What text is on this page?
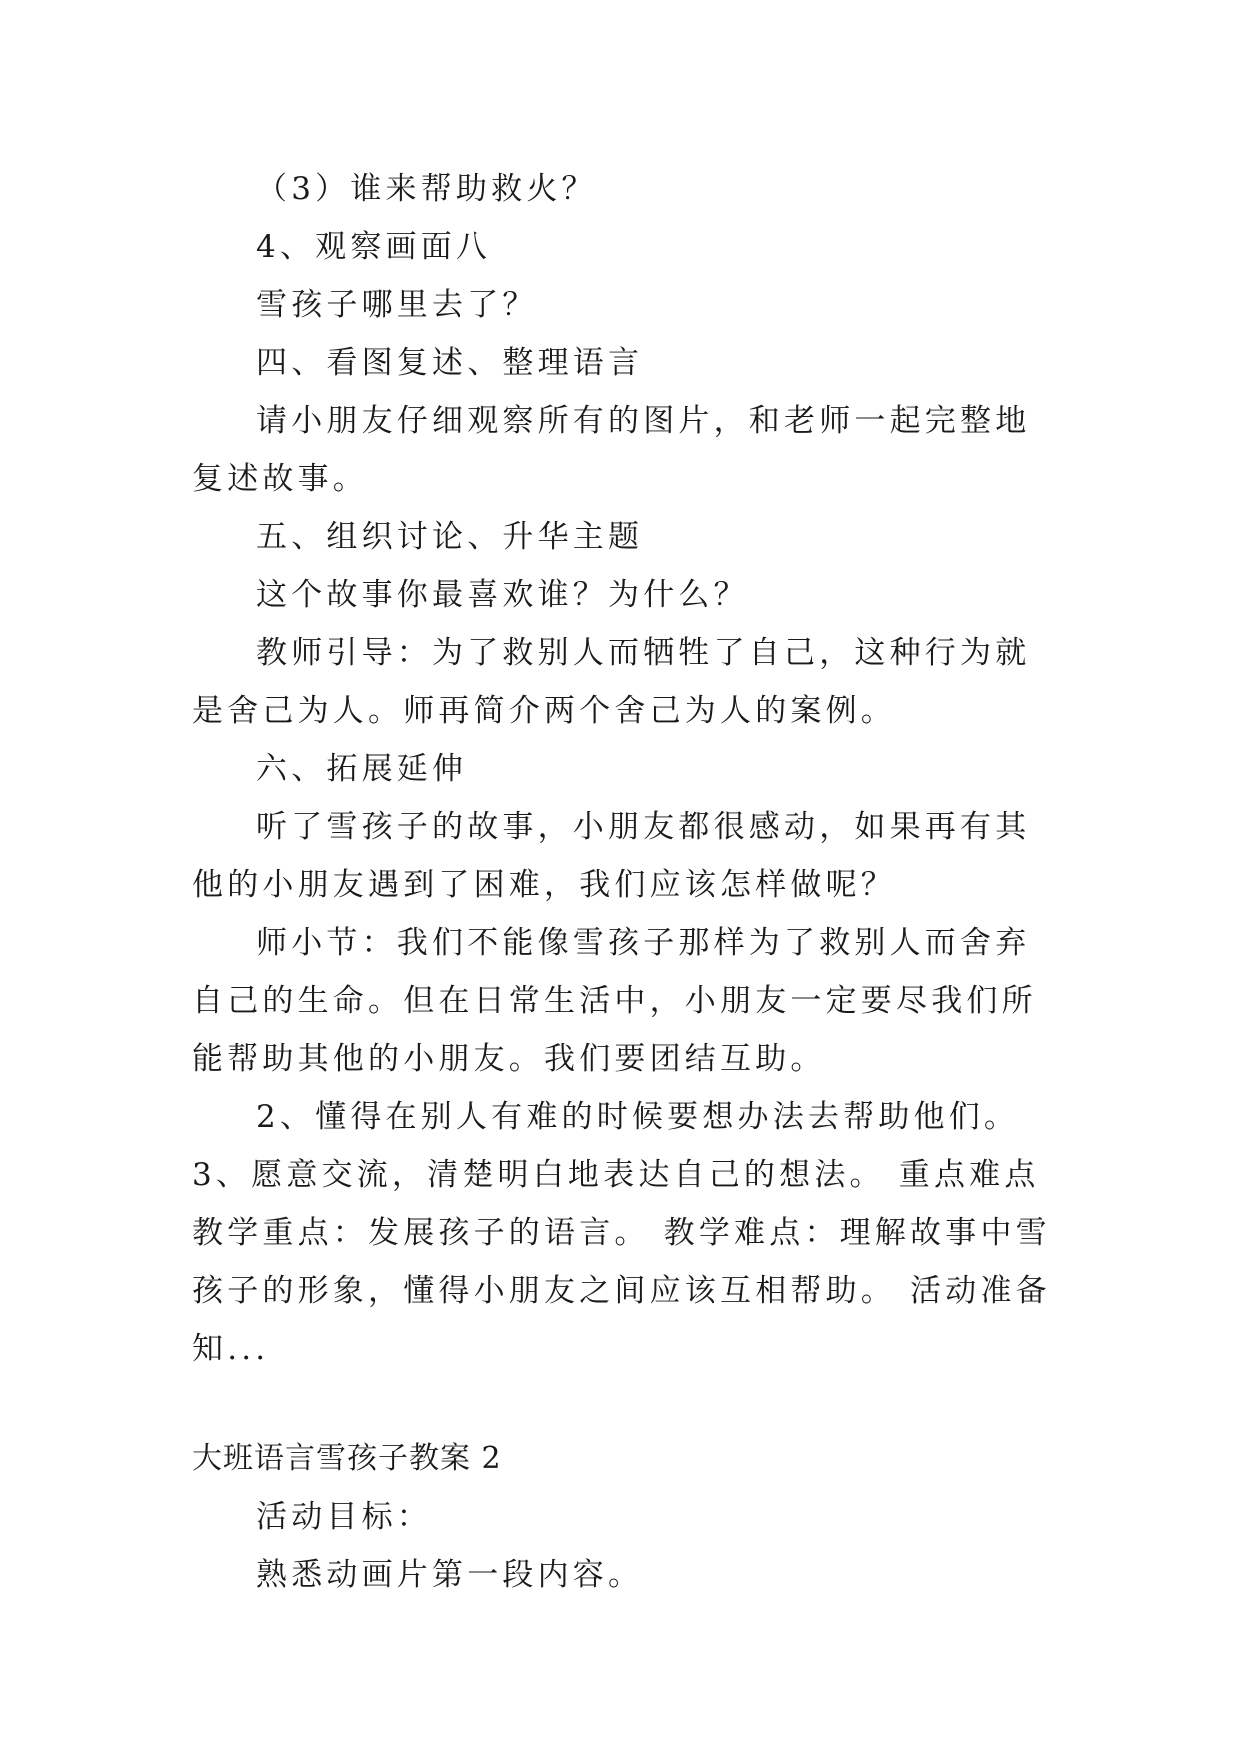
（3）谁来帮助救火？

4、观察画面八

雪孩子哪里去了？

四、看图复述、整理语言

请小朋友仔细观察所有的图片，和老师一起完整地复述故事。

五、组织讨论、升华主题

这个故事你最喜欢谁？为什么？

教师引导：为了救别人而牺牲了自己，这种行为就是舍己为人。师再简介两个舍己为人的案例。

六、拓展延伸

听了雪孩子的故事，小朋友都很感动，如果再有其他的小朋友遇到了困难，我们应该怎样做呢？

师小节：我们不能像雪孩子那样为了救别人而舍弃自己的生命。但在日常生活中，小朋友一定要尽我们所能帮助其他的小朋友。我们要团结互助。

2、懂得在别人有难的时候要想办法去帮助他们。 3、愿意交流，清楚明白地表达自己的想法。 重点难点 教学重点：发展孩子的语言。 教学难点：理解故事中雪孩子的形象，懂得小朋友之间应该互相帮助。 活动准备 知...

大班语言雪孩子教案 2

活动目标：

熟悉动画片第一段内容。
